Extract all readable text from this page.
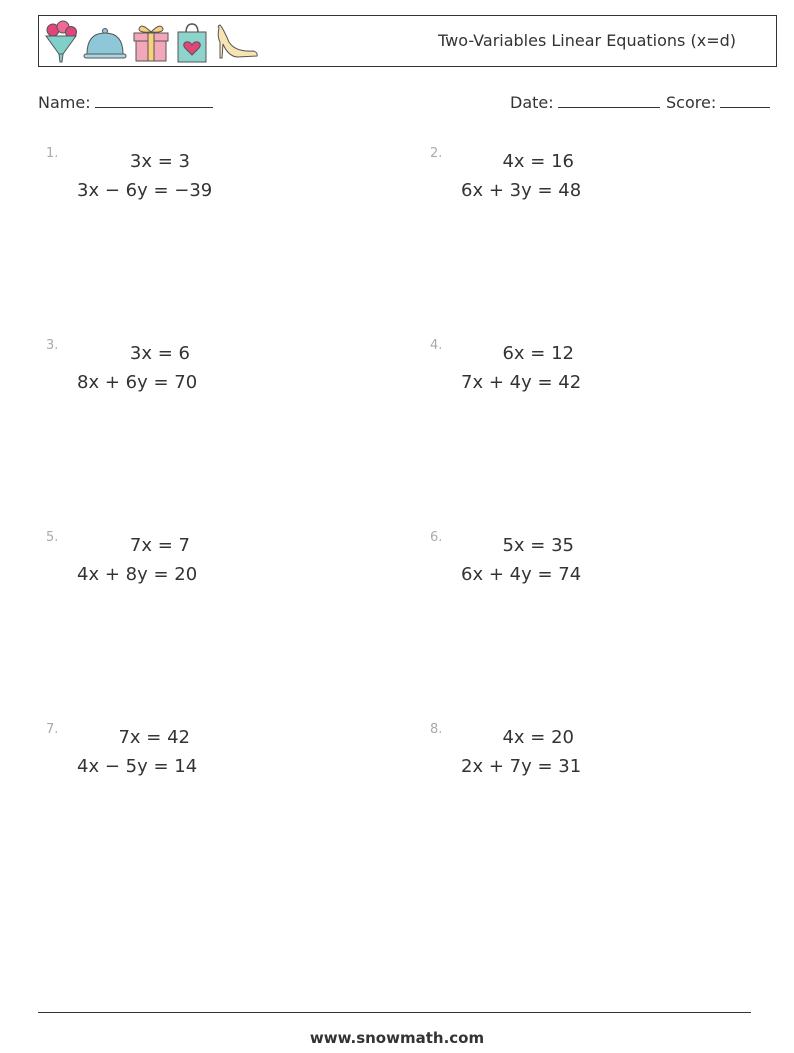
Two-Variables Linear Equations (x=d)
Name:	Date:	Score:
1.	3x = 3
3x − 6y = −39
2.	4x = 16
6x + 3y = 48
3.	3x = 6
8x + 6y = 70
4.	6x = 12
7x + 4y = 42
5.	7x = 7
4x + 8y = 20
6.	5x = 35
6x + 4y = 74
7.	7x = 42
4x − 5y = 14
8.	4x = 20
2x + 7y = 31
www.snowmath.com
